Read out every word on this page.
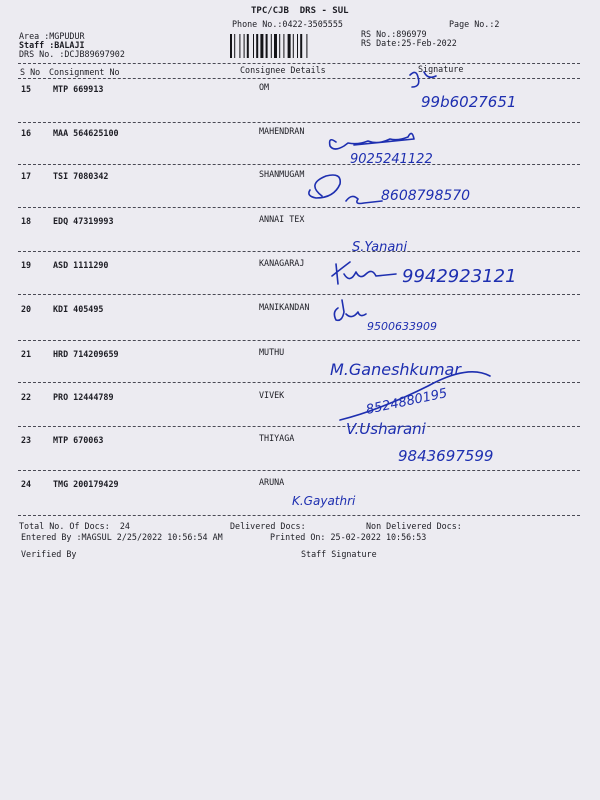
TPC/CJB  DRS - SUL
Phone No.:0422-3505555	Page No.:2
RS No.:896979
RS Date:25-Feb-2022
Area :MGPUDUR
Staff :BALAJI
DRS No. :DCJB89697902
S No Consignment No	Consignee Details	Signature
15	MTP 669913	OM
16	MAA 564625100	MAHENDRAN
17	TSI 7080342	SHANMUGAM
18	EDQ 47319993	ANNAI TEX
19	ASD 1111290	KANAGARAJ
20	KDI 405495	MANIKANDAN
21	HRD 714209659	MUTHU
22	PRO 12444789	VIVEK
23	MTP 670063	THIYAGA
24	TMG 200179429	ARUNA
Total No. Of Docs:  24	Delivered Docs:	Non Delivered Docs:
Entered By :MAGSUL 2/25/2022 10:56:54 AM	Printed On: 25-02-2022 10:56:53
Verified By	Staff Signature
99b6027651
9025241122
8608798570
S.Yanani
9942923121
9500633909
M.Ganeshkumar
8524880195
V.Usharani 9843697599
K.Gayathri
